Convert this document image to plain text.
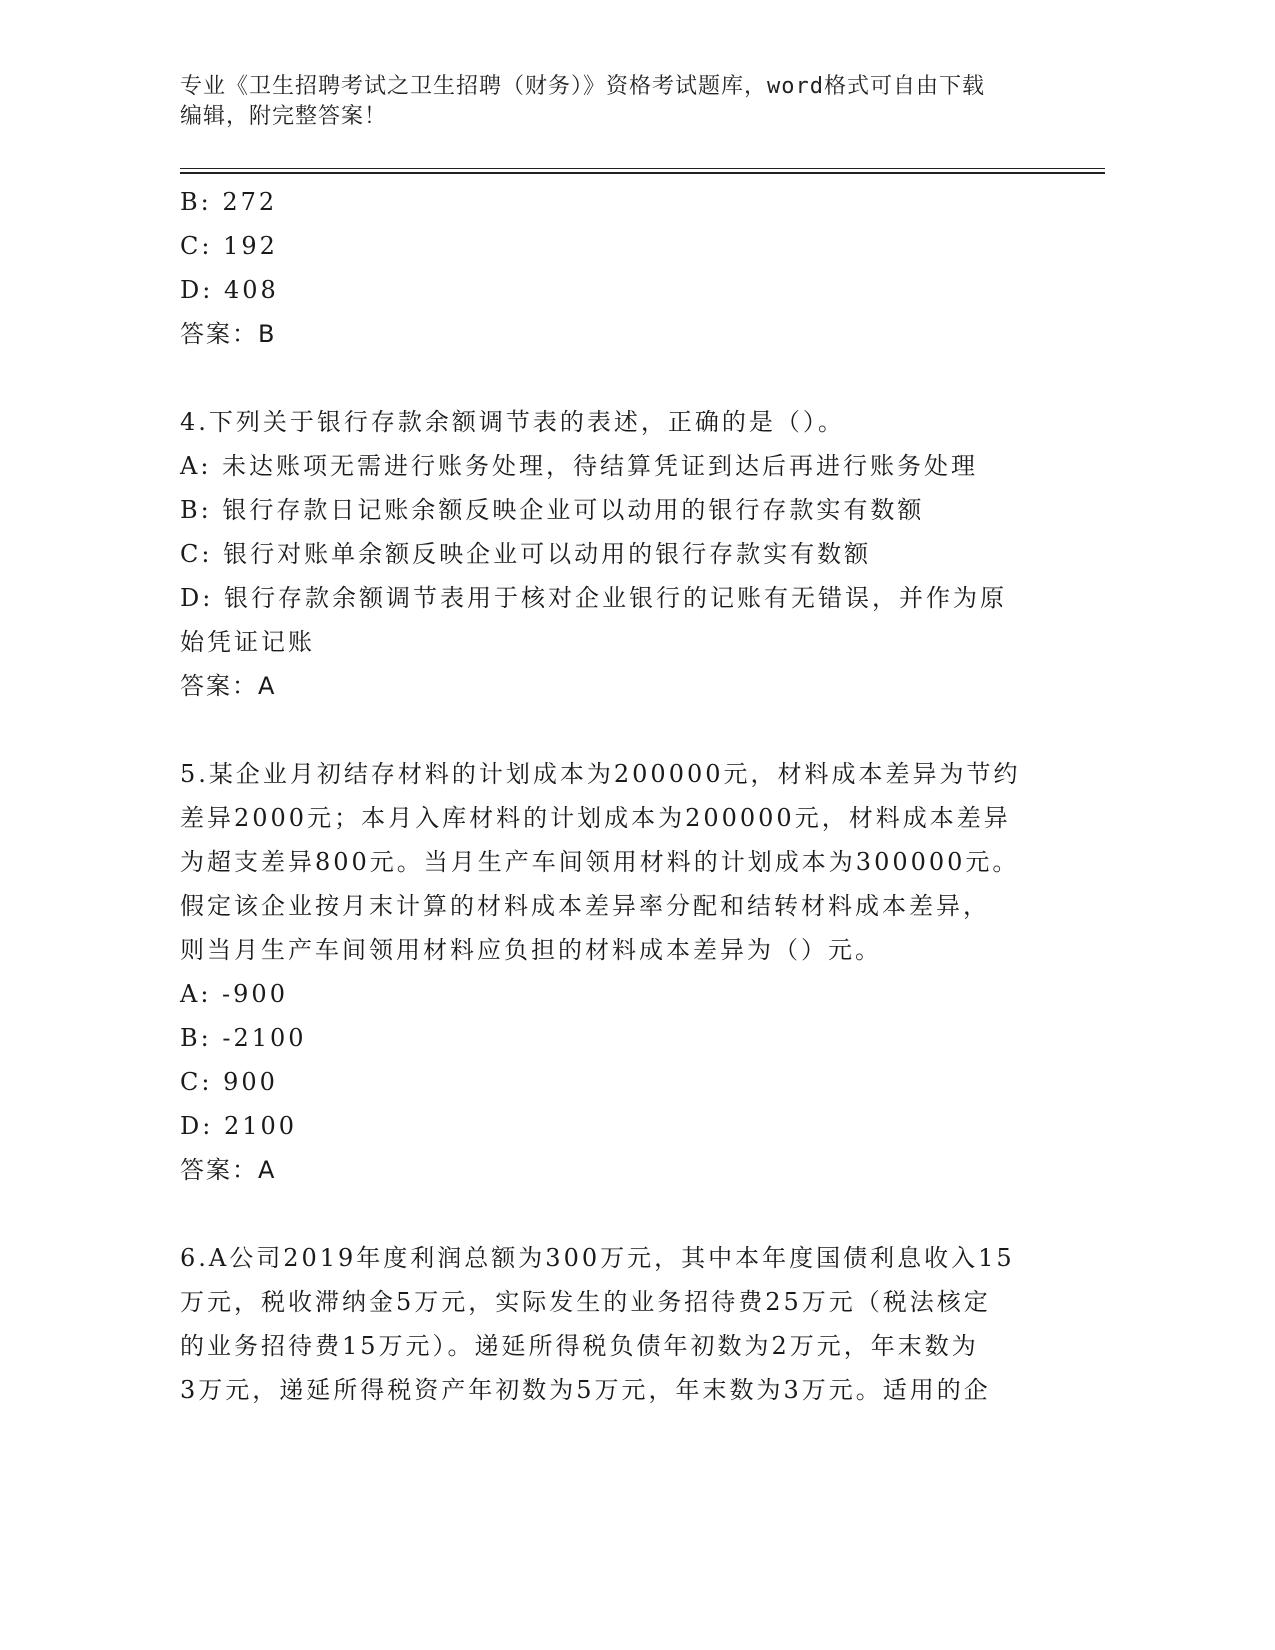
专业《卫生招聘考试之卫生招聘（财务）》资格考试题库，word格式可自由下载

编辑，附完整答案！

B: 272

C: 192

D: 408

答案：B

4.下列关于银行存款余额调节表的表述，正确的是（）。

A: 未达账项无需进行账务处理，待结算凭证到达后再进行账务处理

B: 银行存款日记账余额反映企业可以动用的银行存款实有数额

C: 银行对账单余额反映企业可以动用的银行存款实有数额

D: 银行存款余额调节表用于核对企业银行的记账有无错误，并作为原

始凭证记账

答案：A

5.某企业月初结存材料的计划成本为200000元，材料成本差异为节约

差异2000元；本月入库材料的计划成本为200000元，材料成本差异

为超支差异800元。当月生产车间领用材料的计划成本为300000元。

假定该企业按月末计算的材料成本差异率分配和结转材料成本差异，

则当月生产车间领用材料应负担的材料成本差异为（）元。

A: -900

B: -2100

C: 900

D: 2100

答案：A

6.A公司2019年度利润总额为300万元，其中本年度国债利息收入15

万元，税收滞纳金5万元，实际发生的业务招待费25万元（税法核定

的业务招待费15万元）。递延所得税负债年初数为2万元，年末数为

3万元，递延所得税资产年初数为5万元，年末数为3万元。适用的企
